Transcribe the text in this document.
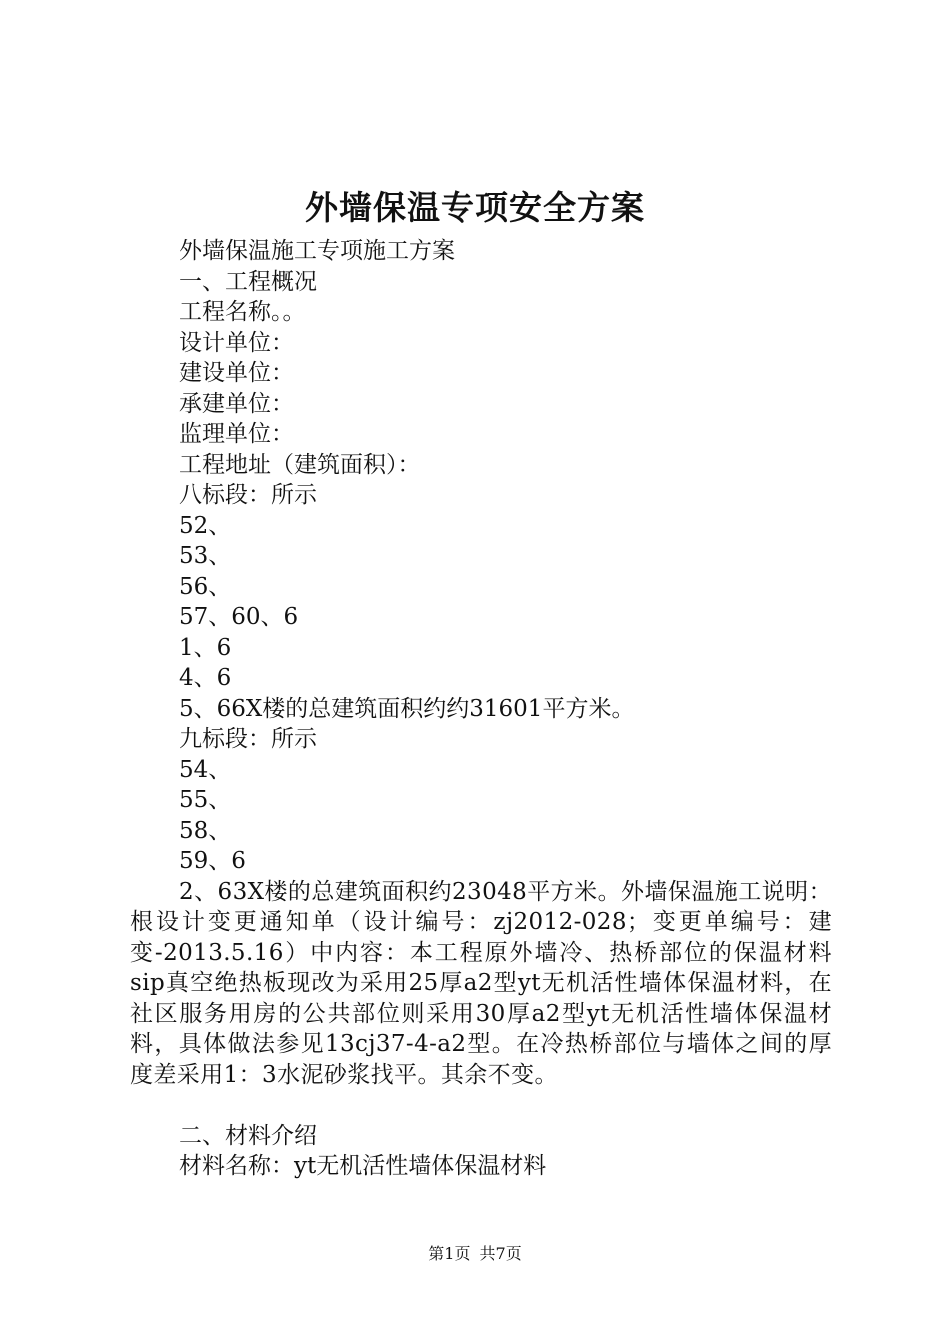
外墙保温专项安全方案
外墙保温施工专项施工方案
一、工程概况
工程名称。。
设计单位：
建设单位：
承建单位：
监理单位：
工程地址（建筑面积）：
八标段：所示
52、
53、
56、
57、60、6
1、6
4、6
5、66X楼的总建筑面积约约31601平方米。
九标段：所示
54、
55、
58、
59、6

2、63X楼的总建筑面积约23048平方米。外墙保温施工说明：根设计变更通知单（设计编号：zj2012-028；变更单编号：建变-2013.5.16）中内容：本工程原外墙冷、热桥部位的保温材料sip真空绝热板现改为采用25厚a2型yt无机活性墙体保温材料，在社区服务用房的公共部位则采用30厚a2型yt无机活性墙体保温材料，具体做法参见13cj37-4-a2型。在冷热桥部位与墙体之间的厚度差采用1：3水泥砂浆找平。其余不变。

二、材料介绍
材料名称：yt无机活性墙体保温材料
第1页 共7页
